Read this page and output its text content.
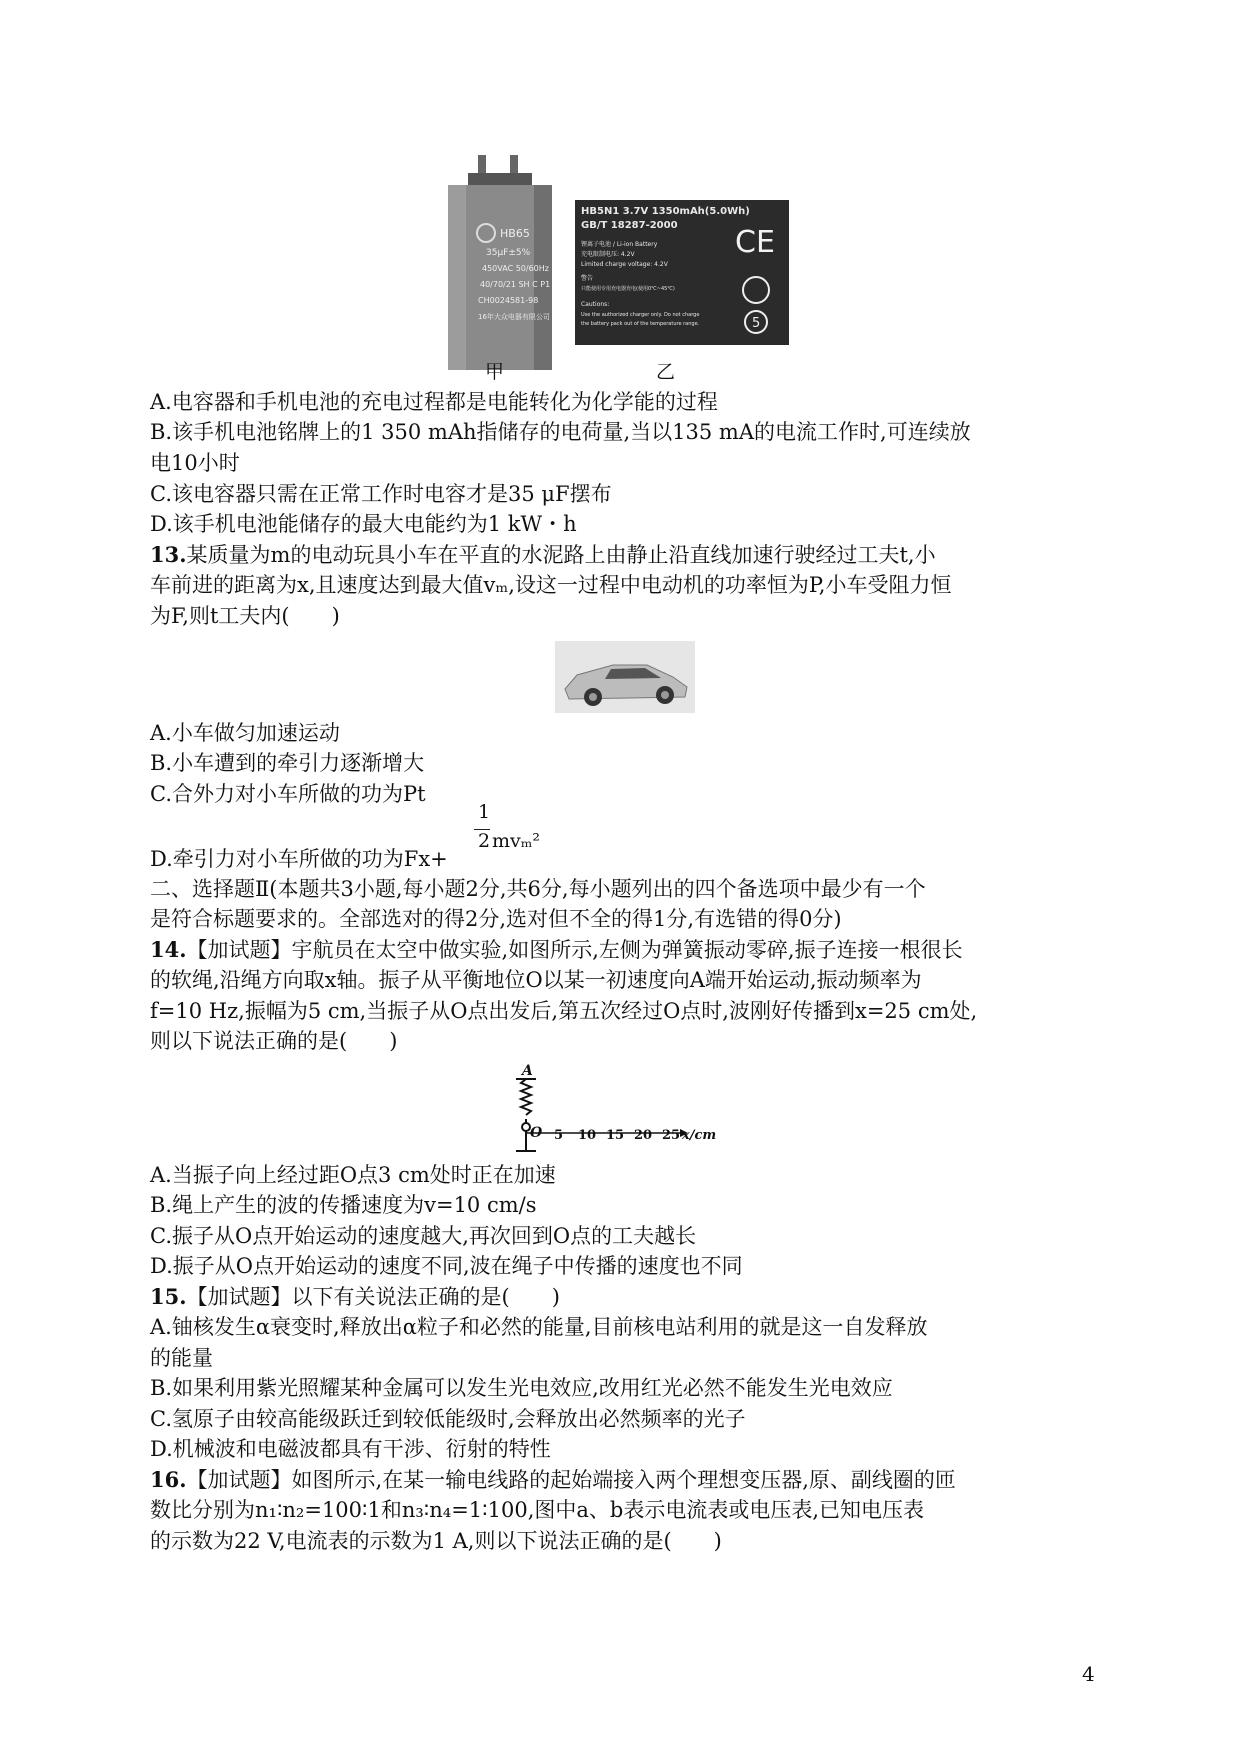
HB65
35μF±5%
450VAC 50/60Hz
40/70/21 SH C P1
CH0024581-98
16年大众电器有限公司
甲
HB5N1 3.7V 1350mAh(5.0Wh)
GB/T 18287-2000
锂离子电池 / Li-ion Battery
充电限制电压: 4.2V
Limited charge voltage: 4.2V
警告
只能使用专用充电器充电(使用0℃~45℃)
Cautions:
Use the authorized charger only. Do not charge
the battery pack out of the temperature range.
CE
5
乙
A.电容器和手机电池的充电过程都是电能转化为化学能的过程
B.该手机电池铭牌上的1 350 mAh指储存的电荷量,当以135 mA的电流工作时,可连续放
电10小时
C.该电容器只需在正常工作时电容才是35 μF摆布
D.该手机电池能储存的最大电能约为1 kW・h
13.某质量为m的电动玩具小车在平直的水泥路上由静止沿直线加速行驶经过工夫t,小
车前进的距离为x,且速度达到最大值vₘ,设这一过程中电动机的功率恒为P,小车受阻力恒
为F,则t工夫内(　　)
A.小车做匀加速运动
B.小车遭到的牵引力逐渐增大
C.合外力对小车所做的功为Pt
D.牵引力对小车所做的功为Fx+
1
2 mvₘ²
二、选择题Ⅱ(本题共3小题,每小题2分,共6分,每小题列出的四个备选项中最少有一个
是符合标题要求的。全部选对的得2分,选对但不全的得1分,有选错的得0分)
14.【加试题】宇航员在太空中做实验,如图所示,左侧为弹簧振动零碎,振子连接一根很长
的软绳,沿绳方向取x轴。振子从平衡地位O以某一初速度向A端开始运动,振动频率为
f=10 Hz,振幅为5 cm,当振子从O点出发后,第五次经过O点时,波刚好传播到x=25 cm处,
则以下说法正确的是(　　)
A
O 5 10 15 20 25 x/cm
A.当振子向上经过距O点3 cm处时正在加速
B.绳上产生的波的传播速度为v=10 cm/s
C.振子从O点开始运动的速度越大,再次回到O点的工夫越长
D.振子从O点开始运动的速度不同,波在绳子中传播的速度也不同
15.【加试题】以下有关说法正确的是(　　)
A.铀核发生α衰变时,释放出α粒子和必然的能量,目前核电站利用的就是这一自发释放
的能量
B.如果利用紫光照耀某种金属可以发生光电效应,改用红光必然不能发生光电效应
C.氢原子由较高能级跃迁到较低能级时,会释放出必然频率的光子
D.机械波和电磁波都具有干涉、衍射的特性
16.【加试题】如图所示,在某一输电线路的起始端接入两个理想变压器,原、副线圈的匝
数比分别为n₁∶n₂=100∶1和n₃∶n₄=1∶100,图中a、b表示电流表或电压表,已知电压表
的示数为22 V,电流表的示数为1 A,则以下说法正确的是(　　)
4
